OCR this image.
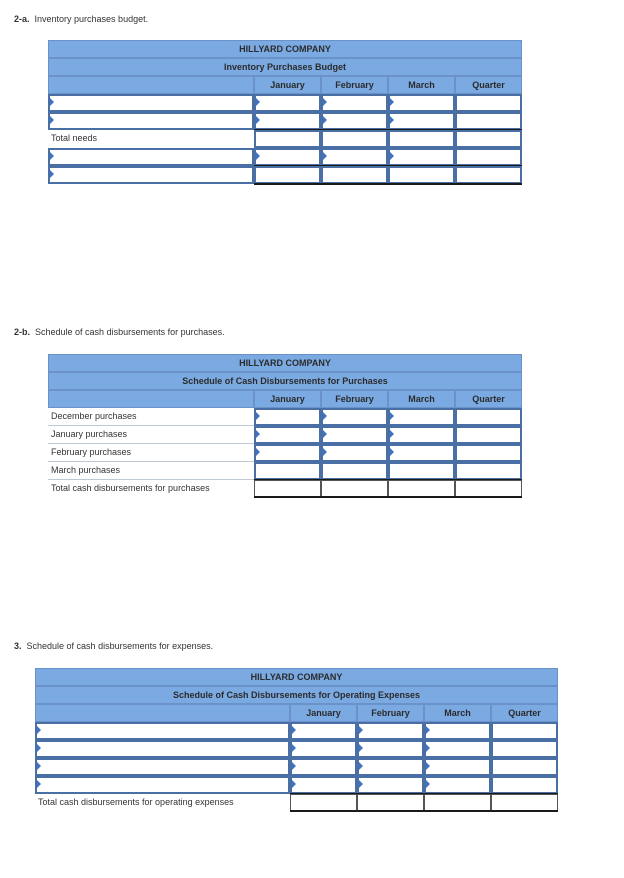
2-a. Inventory purchases budget.
HILLYARD COMPANY
Inventory Purchases Budget
January	February	March	Quarter
Total needs
2-b. Schedule of cash disbursements for purchases.
HILLYARD COMPANY
Schedule of Cash Disbursements for Purchases
January	February	March	Quarter
December purchases
January purchases
February purchases
March purchases
Total cash disbursements for purchases
3. Schedule of cash disbursements for expenses.
HILLYARD COMPANY
Schedule of Cash Disbursements for Operating Expenses
January	February	March	Quarter
Total cash disbursements for operating expenses
